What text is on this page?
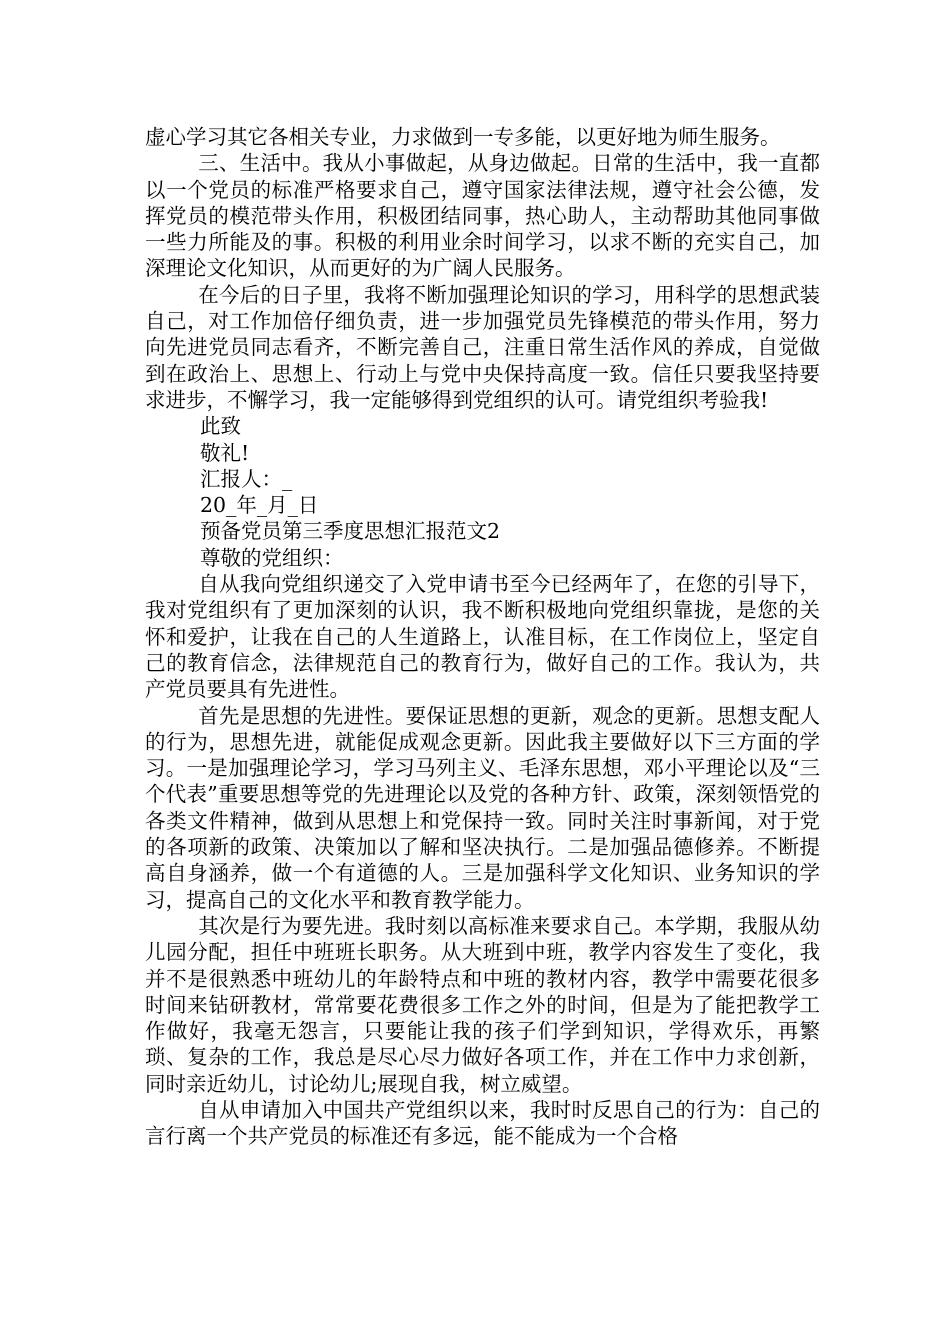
虚心学习其它各相关专业，力求做到一专多能，以更好地为师生服务。

三、生活中。我从小事做起，从身边做起。日常的生活中，我一直都以一个党员的标准严格要求自己，遵守国家法律法规，遵守社会公德，发挥党员的模范带头作用，积极团结同事，热心助人，主动帮助其他同事做一些力所能及的事。积极的利用业余时间学习，以求不断的充实自己，加深理论文化知识，从而更好的为广阔人民服务。

在今后的日子里，我将不断加强理论知识的学习，用科学的思想武装自己，对工作加倍仔细负责，进一步加强党员先锋模范的带头作用，努力向先进党员同志看齐，不断完善自己，注重日常生活作风的养成，自觉做到在政治上、思想上、行动上与党中央保持高度一致。信任只要我坚持要求进步，不懈学习，我一定能够得到党组织的认可。请党组织考验我!

此致

敬礼!

汇报人：_

20_年_月_日

预备党员第三季度思想汇报范文2

尊敬的党组织：

自从我向党组织递交了入党申请书至今已经两年了，在您的引导下，我对党组织有了更加深刻的认识，我不断积极地向党组织靠拢，是您的关怀和爱护，让我在自己的人生道路上，认准目标，在工作岗位上，坚定自己的教育信念，法律规范自己的教育行为，做好自己的工作。我认为，共产党员要具有先进性。

首先是思想的先进性。要保证思想的更新，观念的更新。思想支配人的行为，思想先进，就能促成观念更新。因此我主要做好以下三方面的学习。一是加强理论学习，学习马列主义、毛泽东思想，邓小平理论以及“三个代表”重要思想等党的先进理论以及党的各种方针、政策，深刻领悟党的各类文件精神，做到从思想上和党保持一致。同时关注时事新闻，对于党的各项新的政策、决策加以了解和坚决执行。二是加强品德修养。不断提高自身涵养，做一个有道德的人。三是加强科学文化知识、业务知识的学习，提高自己的文化水平和教育教学能力。

其次是行为要先进。我时刻以高标准来要求自己。本学期，我服从幼儿园分配，担任中班班长职务。从大班到中班，教学内容发生了变化，我并不是很熟悉中班幼儿的年龄特点和中班的教材内容，教学中需要花很多时间来钻研教材，常常要花费很多工作之外的时间，但是为了能把教学工作做好，我毫无怨言，只要能让我的孩子们学到知识，学得欢乐，再繁琐、复杂的工作，我总是尽心尽力做好各项工作，并在工作中力求创新，同时亲近幼儿，讨论幼儿;展现自我，树立威望。

自从申请加入中国共产党组织以来，我时时反思自己的行为：自己的言行离一个共产党员的标准还有多远，能不能成为一个合格
